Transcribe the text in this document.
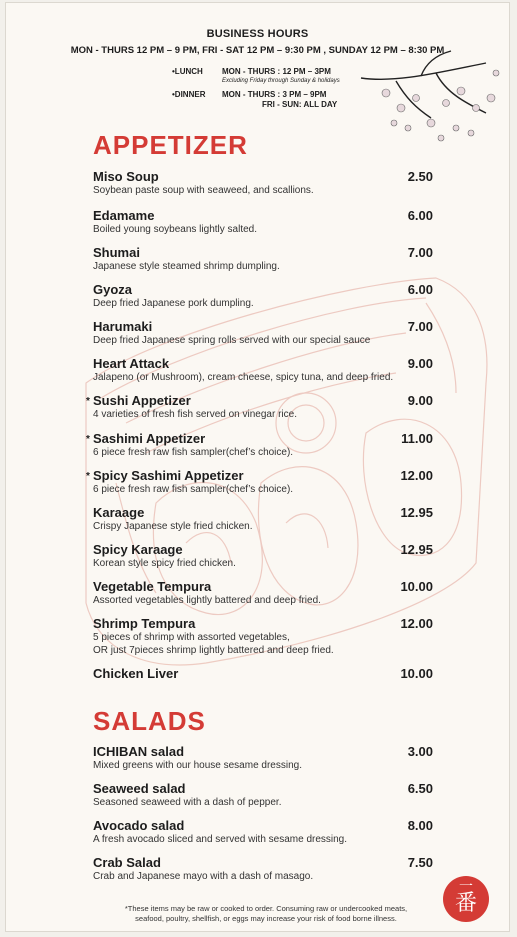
BUSINESS HOURS
MON - THURS 12 PM – 9 PM, FRI - SAT 12 PM – 9:30 PM , SUNDAY 12 PM – 8:30 PM
•LUNCH MON - THURS : 12 PM – 3PM
Excluding Friday through Sunday & holidays
•DINNER MON - THURS : 3 PM – 9PM
FRI - SUN: ALL DAY
APPETIZER
Miso Soup	2.50
Soybean paste soup with seaweed, and scallions.
Edamame	6.00
Boiled young soybeans lightly salted.
Shumai	7.00
Japanese style steamed shrimp dumpling.
Gyoza	6.00
Deep fried Japanese pork dumpling.
Harumaki	7.00
Deep fried Japanese spring rolls served with our special sauce
Heart Attack	9.00
Jalapeno (or Mushroom), cream cheese, spicy tuna, and deep fried.
* Sushi Appetizer	9.00
4 varieties of fresh fish served on vinegar rice.
* Sashimi Appetizer	11.00
6 piece fresh raw fish sampler(chef’s choice).
* Spicy Sashimi Appetizer	12.00
6 piece fresh raw fish sampler(chef’s choice).
Karaage	12.95
Crispy Japanese style fried chicken.
Spicy Karaage	12.95
Korean style spicy fried chicken.
Vegetable Tempura	10.00
Assorted vegetables lightly battered and deep fried.
Shrimp Tempura	12.00
5 pieces of shrimp with assorted vegetables,
OR just 7pieces shrimp lightly battered and deep fried.
Chicken Liver	10.00
SALADS
ICHIBAN salad	3.00
Mixed greens with our house sesame dressing.
Seaweed salad	6.50
Seasoned seaweed with a dash of pepper.
Avocado salad	8.00
A fresh avocado sliced and served with sesame dressing.
Crab Salad	7.50
Crab and Japanese mayo with a dash of masago.
*These items may be raw or cooked to order. Consuming raw or undercooked meats,
seafood, poultry, shellfish, or eggs may increase your risk of food borne illness.
一
番
